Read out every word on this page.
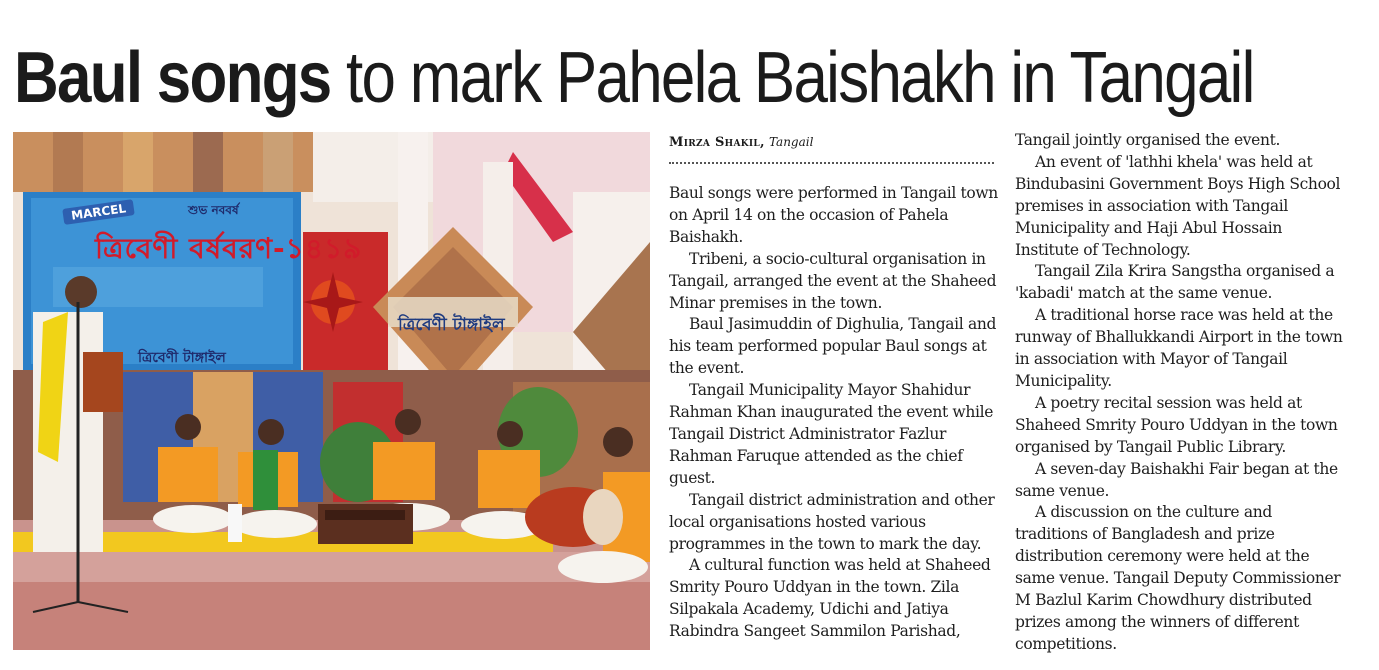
Baul songs to mark Pahela Baishakh in Tangail
MARCEL	শুভ নববর্ষ
ত্রিবেণী বর্ষবরণ-১৪১৯
ত্রিবেণী টাঙ্গাইল
ত্রিবেণী টাঙ্গাইল
Mirza Shakil, Tangail

Baul songs were performed in Tangail town on April 14 on the occasion of Pahela Baishakh.

Tribeni, a socio-cultural organisation in Tangail, arranged the event at the Shaheed Minar premises in the town.

Baul Jasimuddin of Dighulia, Tangail and his team performed popular Baul songs at the event.

Tangail Municipality Mayor Shahidur Rahman Khan inaugurated the event while Tangail District Administrator Fazlur Rahman Faruque attended as the chief guest.

Tangail district administration and other local organisations hosted various programmes in the town to mark the day.

A cultural function was held at Shaheed Smrity Pouro Uddyan in the town. Zila Silpakala Academy, Udichi and Jatiya Rabindra Sangeet Sammilon Parishad,

Tangail jointly organised the event.

An event of 'lathhi khela' was held at Bindubasini Government Boys High School premises in association with Tangail Municipality and Haji Abul Hossain Institute of Technology.

Tangail Zila Krira Sangstha organised a 'kabadi' match at the same venue.

A traditional horse race was held at the runway of Bhallukkandi Airport in the town in association with Mayor of Tangail Municipality.

A poetry recital session was held at Shaheed Smrity Pouro Uddyan in the town organised by Tangail Public Library.

A seven-day Baishakhi Fair began at the same venue.

A discussion on the culture and traditions of Bangladesh and prize distribution ceremony were held at the same venue. Tangail Deputy Commissioner M Bazlul Karim Chowdhury distributed prizes among the winners of different competitions.
